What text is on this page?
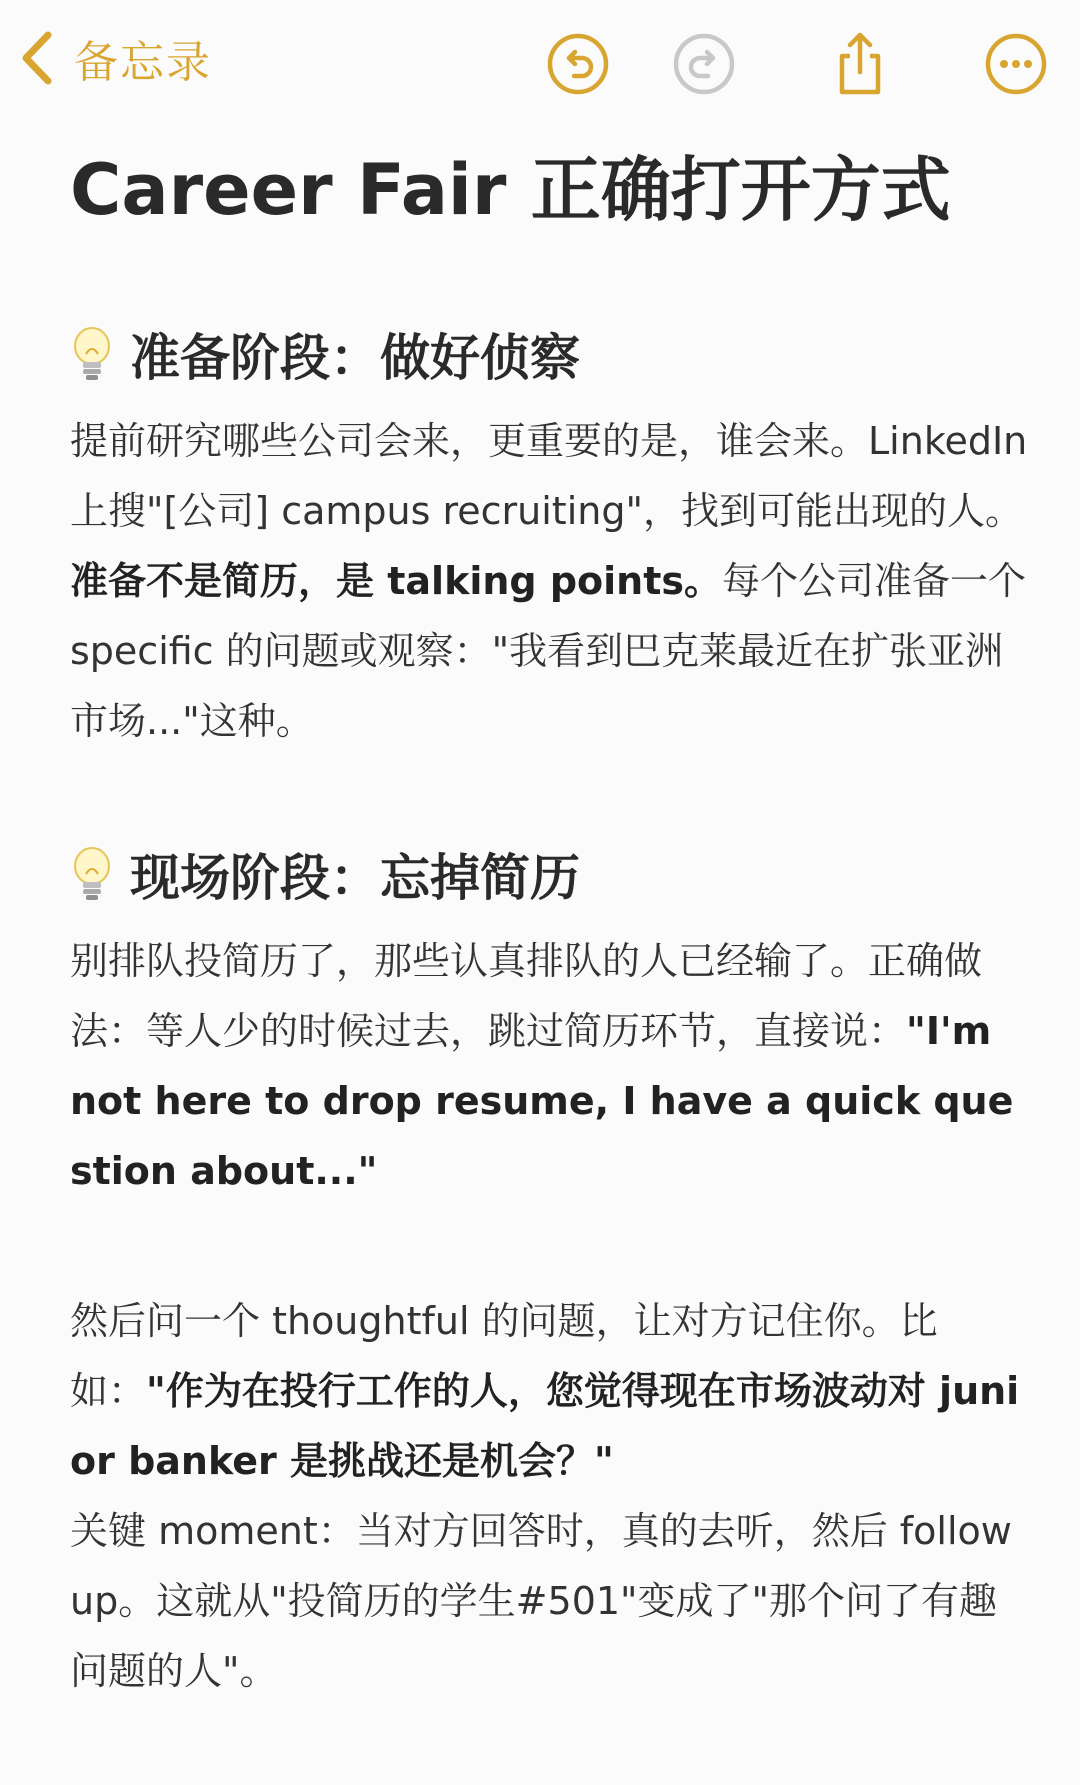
备忘录
Career Fair 正确打开方式
准备阶段：做好侦察

提前研究哪些公司会来，更重要的是，谁会来。LinkedIn 上搜"[公司] campus recruiting"，找到可能出现的人。

准备不是简历，是 talking points。每个公司准备一个 specific 的问题或观察："我看到巴克莱最近在扩张亚洲市场..."这种。

现场阶段：忘掉简历

别排队投简历了，那些认真排队的人已经输了。正确做法：等人少的时候过去，跳过简历环节，直接说："I'm not here to drop resume, I have a quick question about..."

然后问一个 thoughtful 的问题，让对方记住你。比如："作为在投行工作的人，您觉得现在市场波动对 junior banker 是挑战还是机会？"

关键 moment：当对方回答时，真的去听，然后 follow up。这就从"投简历的学生#501"变成了"那个问了有趣问题的人"。
